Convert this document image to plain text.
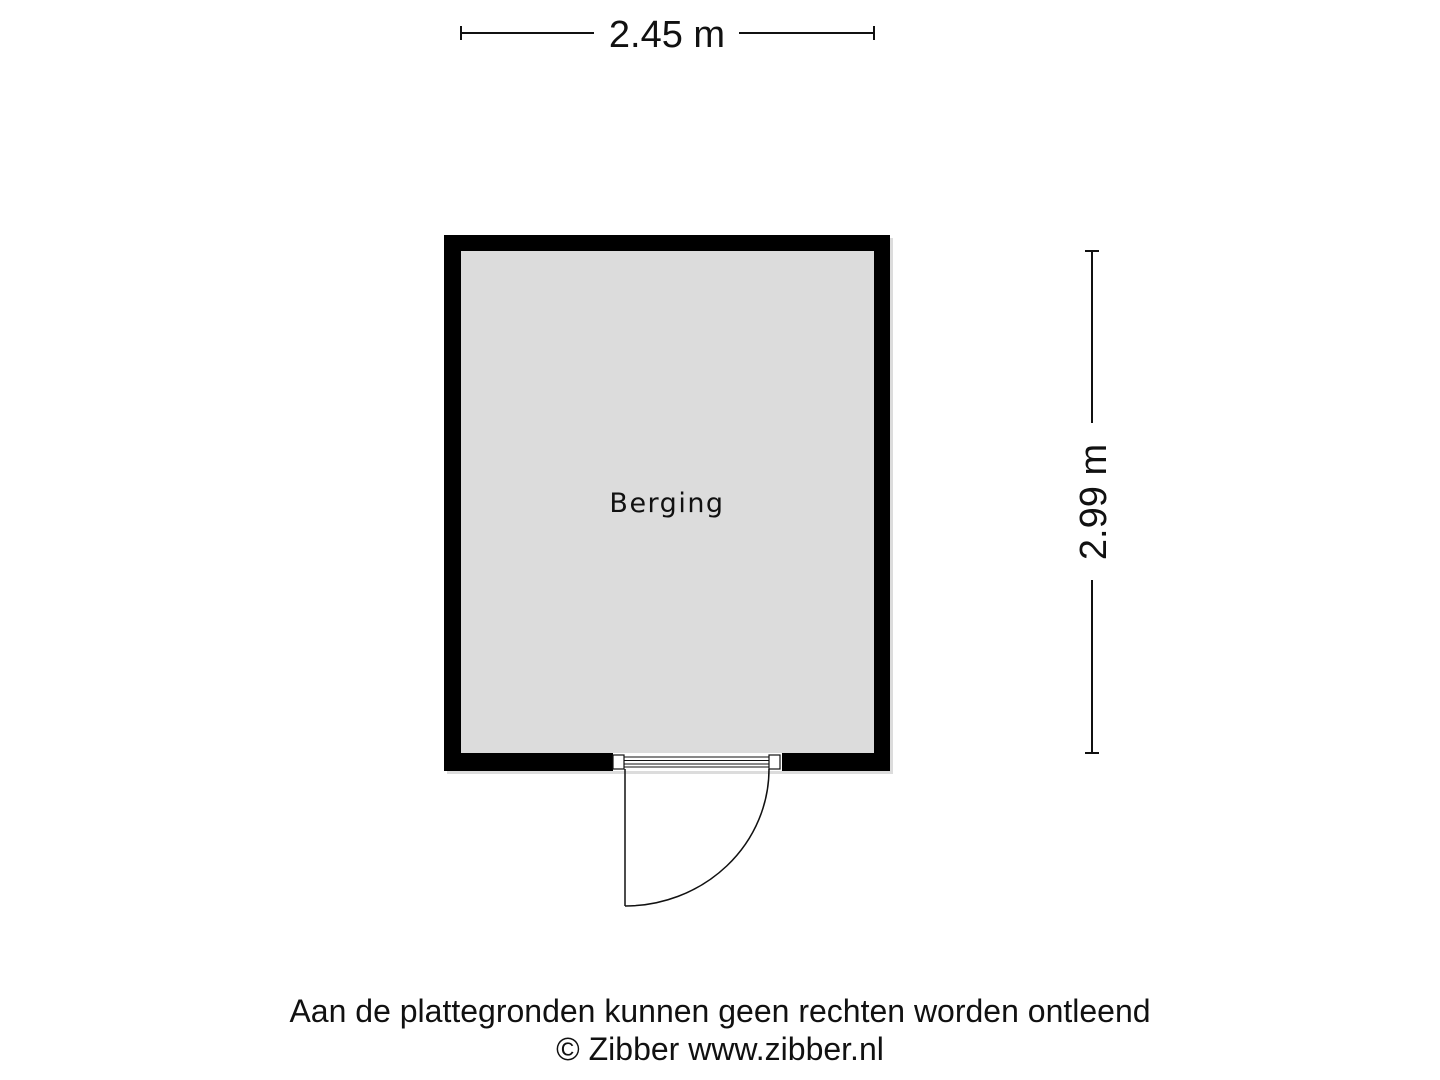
2.45 m
2.99 m
Berging
Aan de plattegronden kunnen geen rechten worden ontleend
© Zibber www.zibber.nl
